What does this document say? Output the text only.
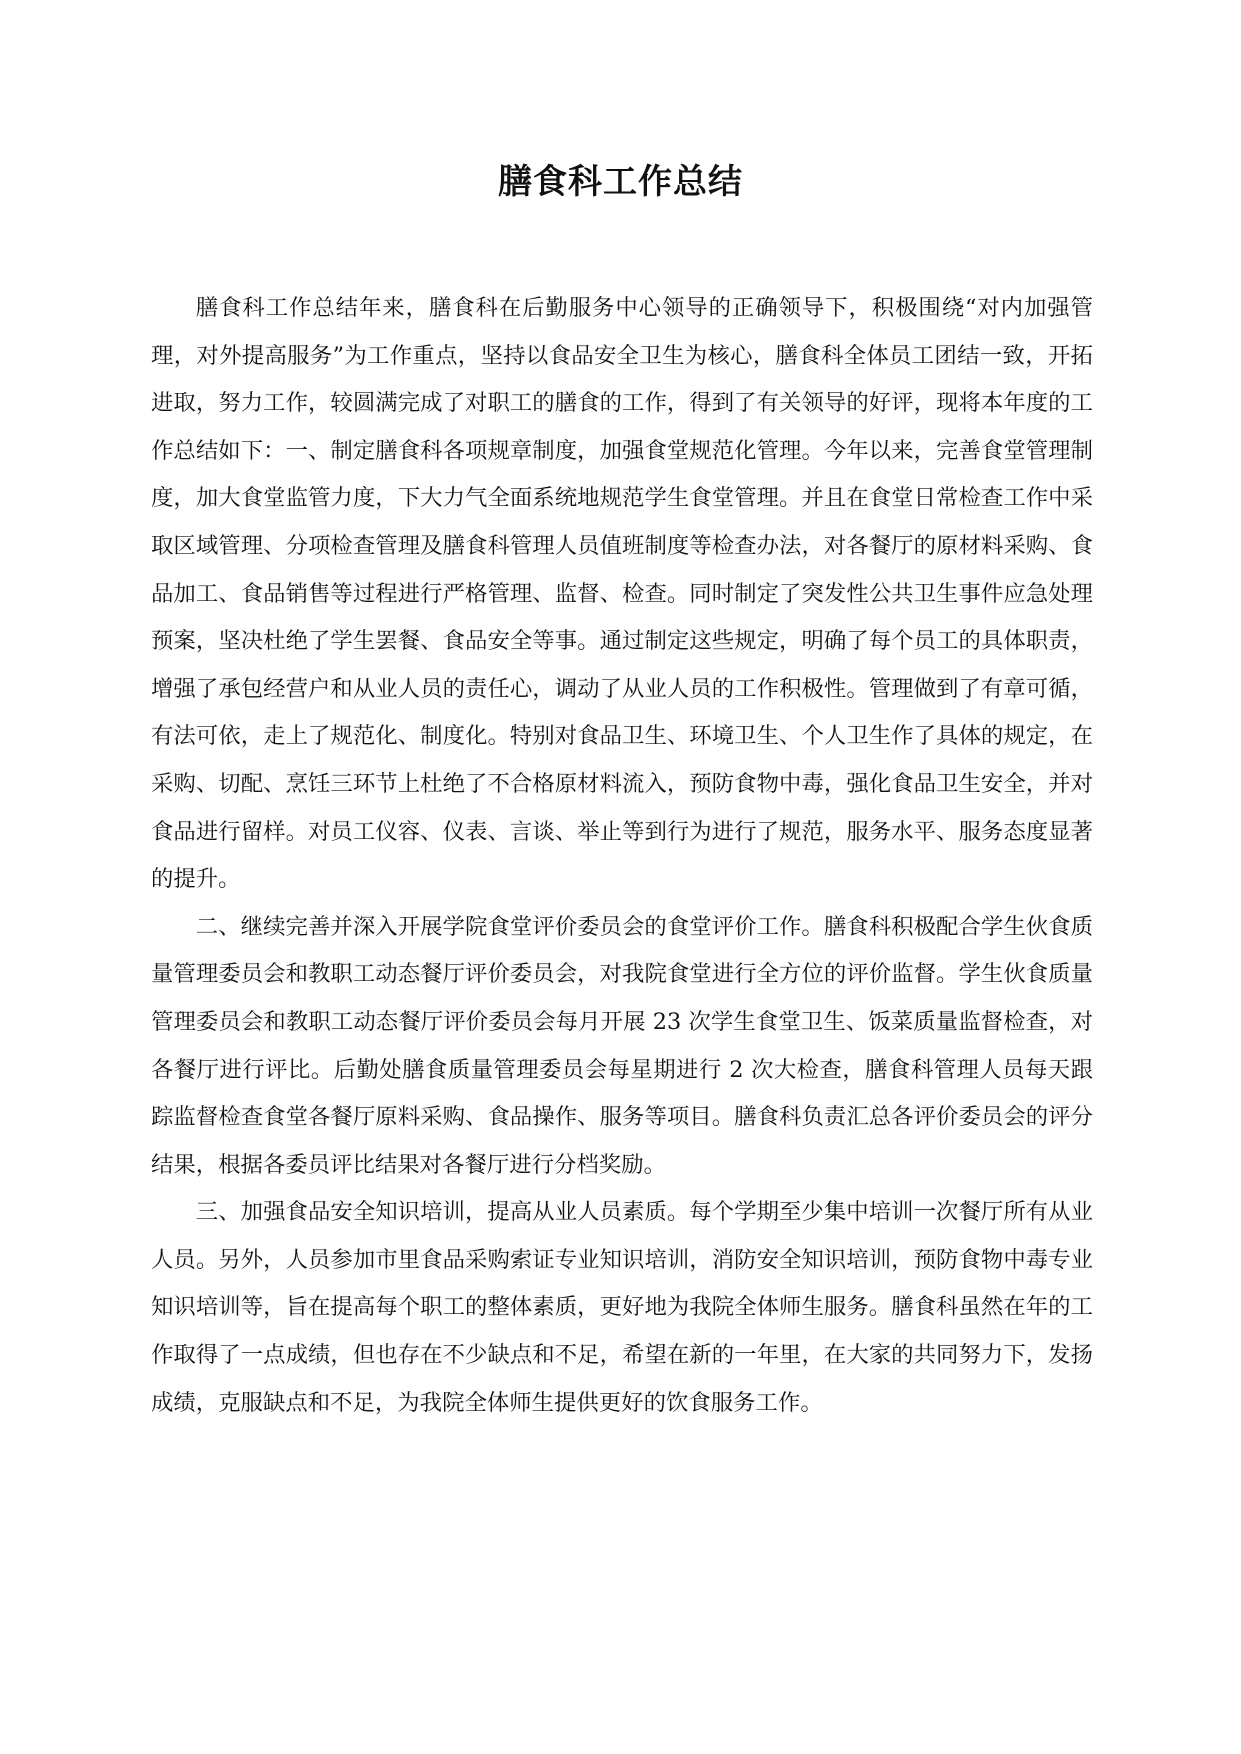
膳食科工作总结

膳食科工作总结年来，膳食科在后勤服务中心领导的正确领导下，积极围绕“对内加强管理，对外提高服务”为工作重点，坚持以食品安全卫生为核心，膳食科全体员工团结一致，开拓进取，努力工作，较圆满完成了对职工的膳食的工作，得到了有关领导的好评，现将本年度的工作总结如下：一、制定膳食科各项规章制度，加强食堂规范化管理。今年以来，完善食堂管理制度，加大食堂监管力度，下大力气全面系统地规范学生食堂管理。并且在食堂日常检查工作中采取区域管理、分项检查管理及膳食科管理人员值班制度等检查办法，对各餐厅的原材料采购、食品加工、食品销售等过程进行严格管理、监督、检查。同时制定了突发性公共卫生事件应急处理预案，坚决杜绝了学生罢餐、食品安全等事。通过制定这些规定，明确了每个员工的具体职责，增强了承包经营户和从业人员的责任心，调动了从业人员的工作积极性。管理做到了有章可循，有法可依，走上了规范化、制度化。特别对食品卫生、环境卫生、个人卫生作了具体的规定，在采购、切配、烹饪三环节上杜绝了不合格原材料流入，预防食物中毒，强化食品卫生安全，并对食品进行留样。对员工仪容、仪表、言谈、举止等到行为进行了规范，服务水平、服务态度显著的提升。

二、继续完善并深入开展学院食堂评价委员会的食堂评价工作。膳食科积极配合学生伙食质量管理委员会和教职工动态餐厅评价委员会，对我院食堂进行全方位的评价监督。学生伙食质量管理委员会和教职工动态餐厅评价委员会每月开展 23 次学生食堂卫生、饭菜质量监督检查，对各餐厅进行评比。后勤处膳食质量管理委员会每星期进行 2 次大检查，膳食科管理人员每天跟踪监督检查食堂各餐厅原料采购、食品操作、服务等项目。膳食科负责汇总各评价委员会的评分结果，根据各委员评比结果对各餐厅进行分档奖励。

三、加强食品安全知识培训，提高从业人员素质。每个学期至少集中培训一次餐厅所有从业人员。另外，人员参加市里食品采购索证专业知识培训，消防安全知识培训，预防食物中毒专业知识培训等，旨在提高每个职工的整体素质，更好地为我院全体师生服务。膳食科虽然在年的工作取得了一点成绩，但也存在不少缺点和不足，希望在新的一年里，在大家的共同努力下，发扬成绩，克服缺点和不足，为我院全体师生提供更好的饮食服务工作。
